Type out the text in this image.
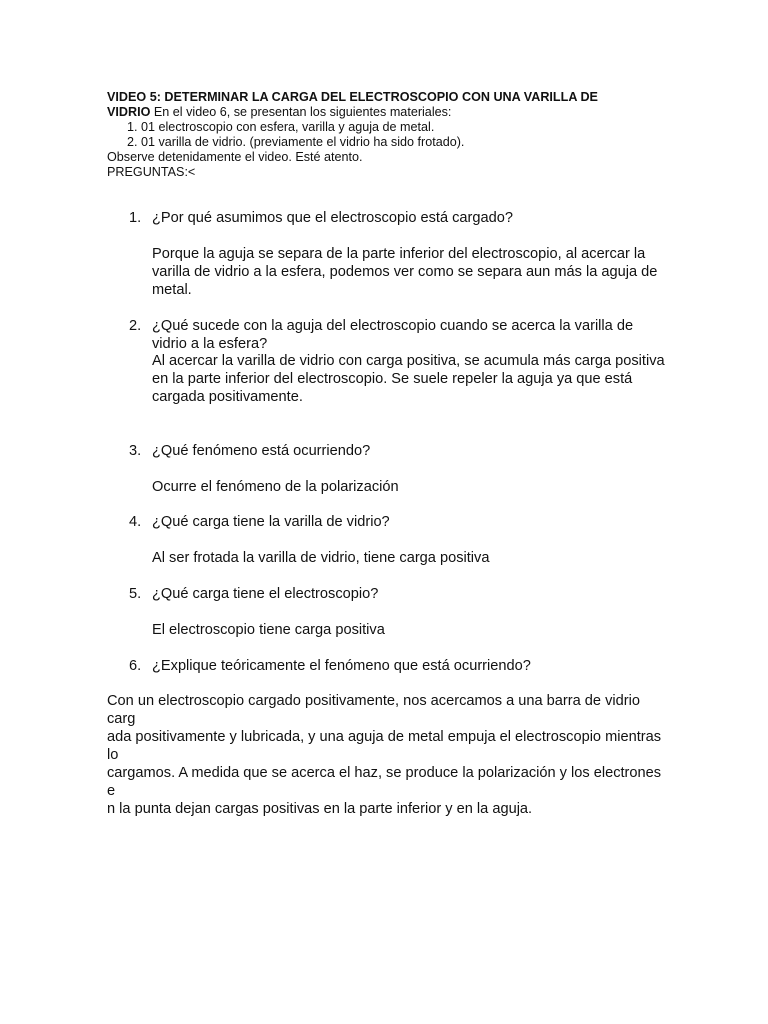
VIDEO 5: DETERMINAR LA CARGA DEL ELECTROSCOPIO CON UNA VARILLA DE
VIDRIO En el video 6, se presentan los siguientes materiales:
1. 01 electroscopio con esfera, varilla y aguja de metal.
2. 01 varilla de vidrio. (previamente el vidrio ha sido frotado).
Observe detenidamente el video. Esté atento.
PREGUNTAS:<
1. ¿Por qué asumimos que el electroscopio está cargado?
Porque la aguja se separa de la parte inferior del electroscopio, al acercar la varilla de vidrio a la esfera, podemos ver como se separa aun más la aguja de metal.
2. ¿Qué sucede con la aguja del electroscopio cuando se acerca la varilla de vidrio a la esfera?
Al acercar la varilla de vidrio con carga positiva, se acumula más carga positiva en la parte inferior del electroscopio. Se suele repeler la aguja ya que está cargada positivamente.
3. ¿Qué fenómeno está ocurriendo?
Ocurre el fenómeno de la polarización
4. ¿Qué carga tiene la varilla de vidrio?
Al ser frotada la varilla de vidrio, tiene carga positiva
5. ¿Qué carga tiene el electroscopio?
El electroscopio tiene carga positiva
6. ¿Explique teóricamente el fenómeno que está ocurriendo?
Con un electroscopio cargado positivamente, nos acercamos a una barra de vidrio carg
ada positivamente y lubricada, y una aguja de metal empuja el electroscopio mientras lo
cargamos. A medida que se acerca el haz, se produce la polarización y los electrones e
n la punta dejan cargas positivas en la parte inferior y en la aguja.
